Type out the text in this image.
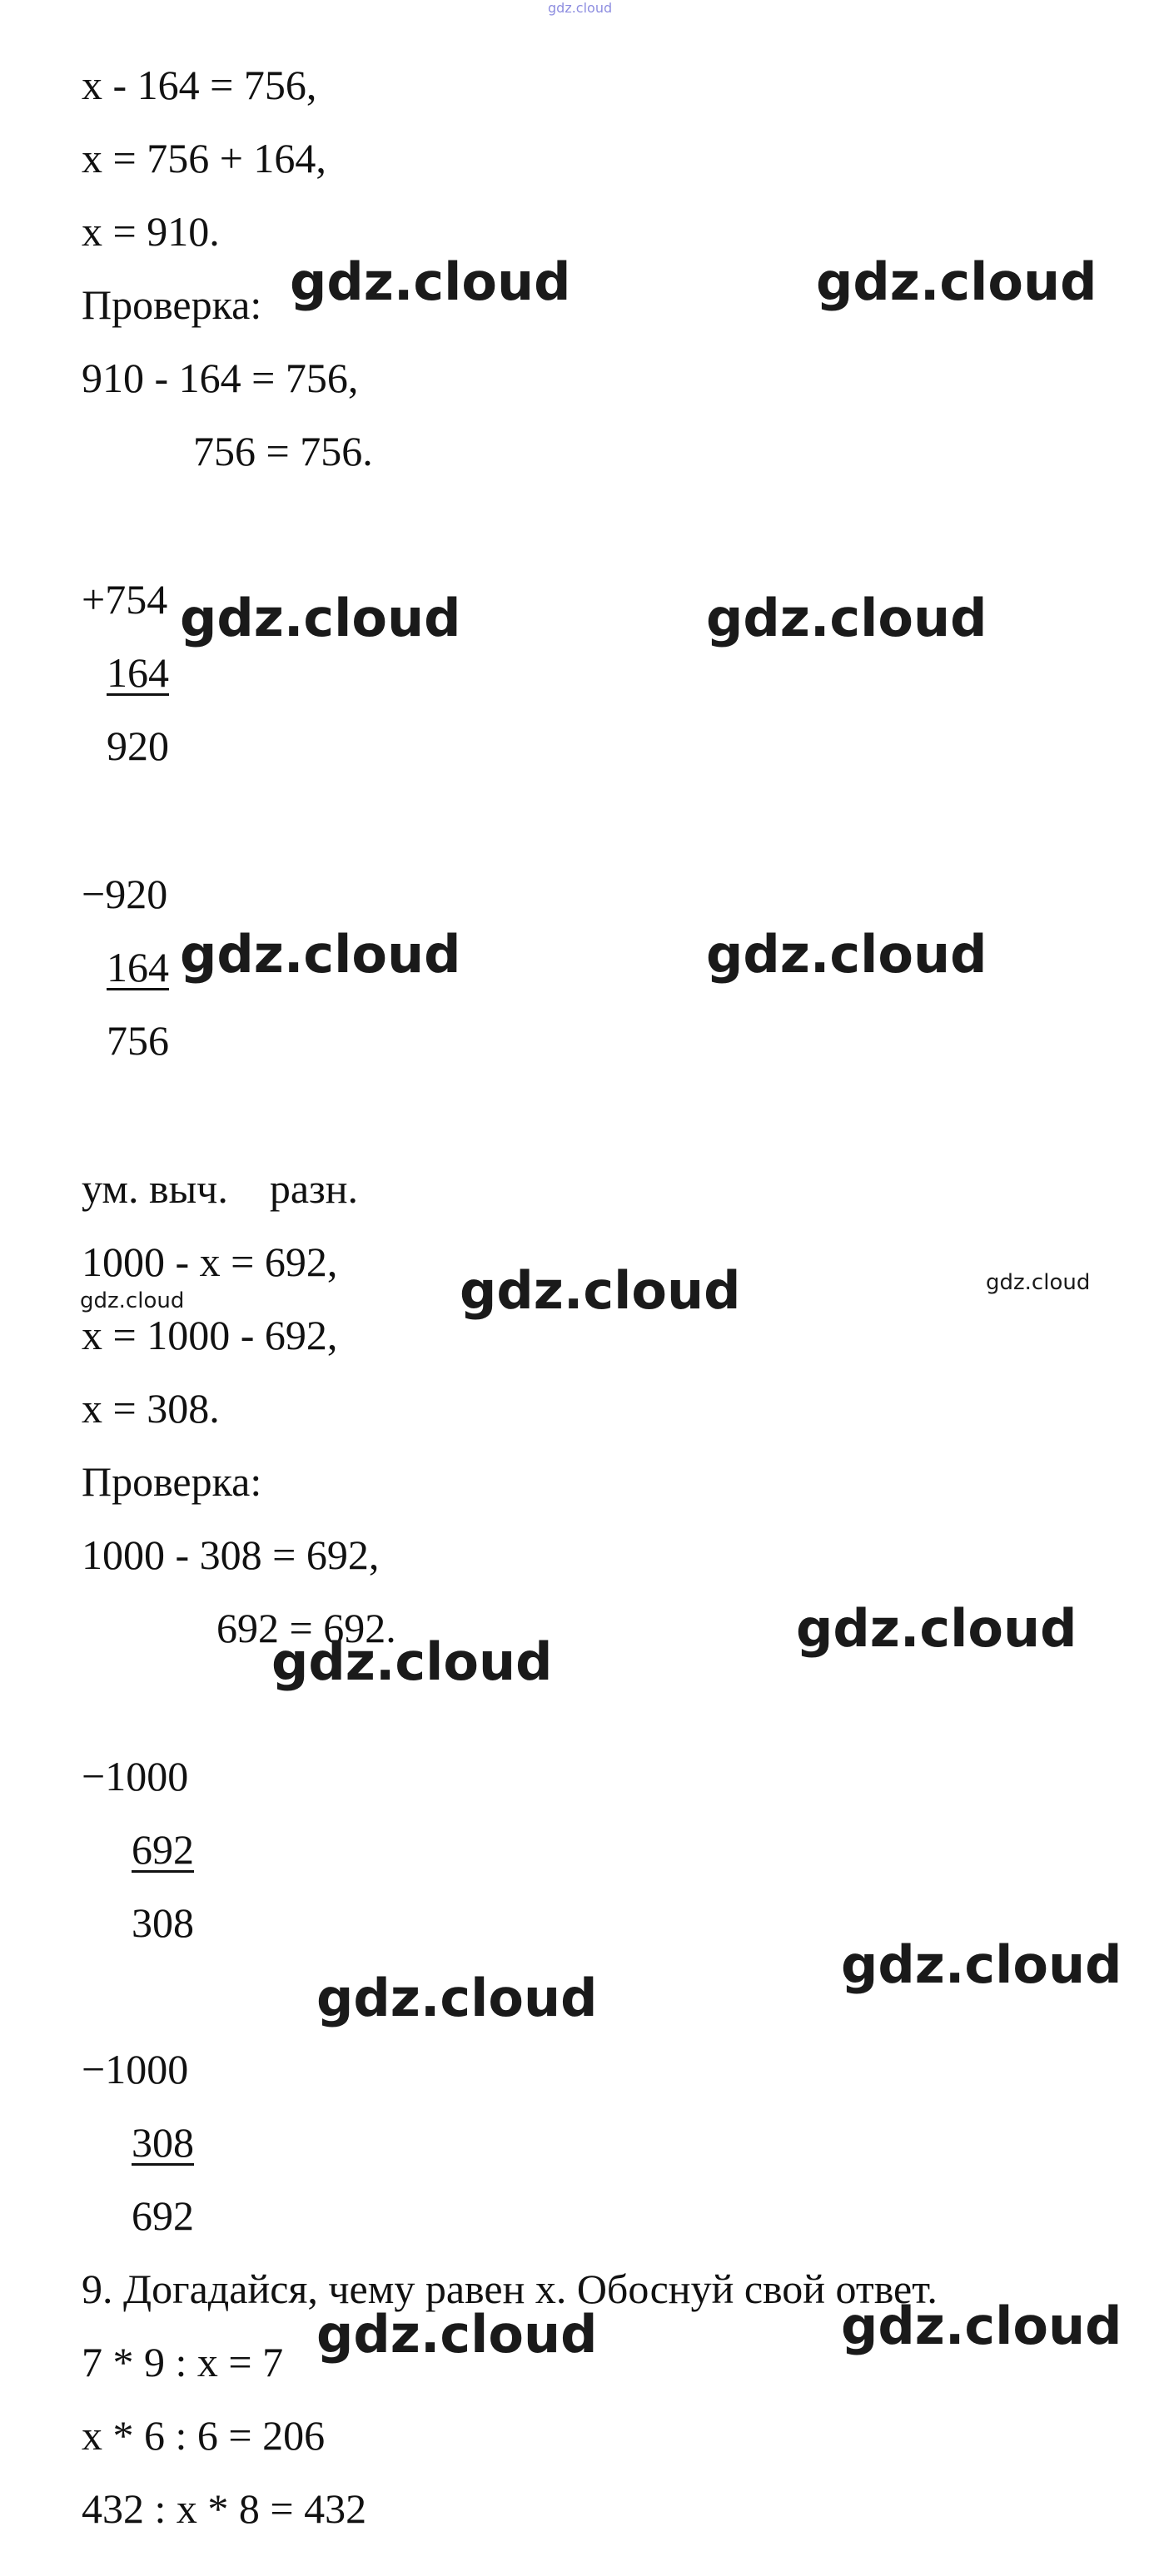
gdz.cloud
x - 164 = 756,
x = 756 + 164,
x = 910.
Проверка:
910 - 164 = 756,
756 = 756.
+754
164
920
−920
164
756
ум. выч.    разн.
1000 - x = 692,
x = 1000 - 692,
x = 308.
Проверка:
1000 - 308 = 692,
692 = 692.
−1000
692
308
−1000
308
692
9. Догадайся, чему равен x. Обоснуй свой ответ.
7 * 9 : x = 7
x * 6 : 6 = 206
432 : x * 8 = 432
gdz.cloud	gdz.cloud
gdz.cloud	gdz.cloud
gdz.cloud	gdz.cloud
gdz.cloud
gdz.cloud
gdz.cloud
gdz.cloud
gdz.cloud
gdz.cloud
gdz.cloud
gdz.cloud	gdz.cloud
